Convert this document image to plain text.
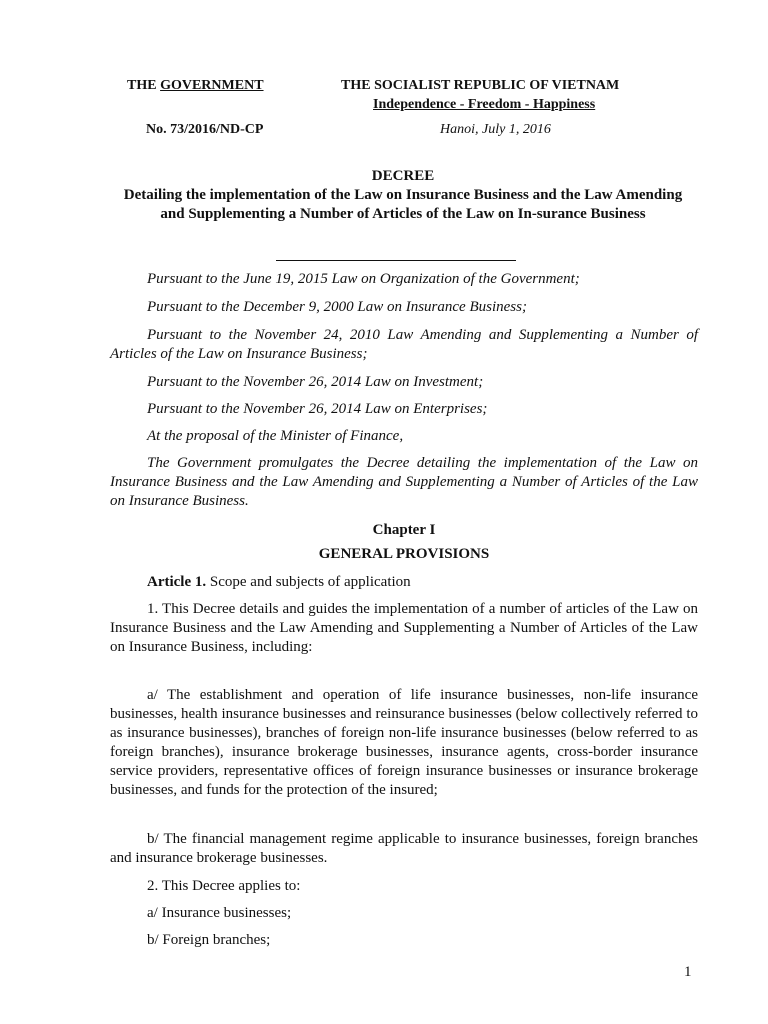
THE GOVERNMENT	THE SOCIALIST REPUBLIC OF VIETNAM
Independence - Freedom - Happiness
No. 73/2016/ND-CP	Hanoi, July 1, 2016
DECREE
Detailing the implementation of the Law on Insurance Business and the Law Amending and Supplementing a Number of Articles of the Law on In-surance Business
Pursuant to the June 19, 2015 Law on Organization of the Government;
Pursuant to the December 9, 2000 Law on Insurance Business;
Pursuant to the November 24, 2010 Law Amending and Supplementing a Number of Articles of the Law on Insurance Business;
Pursuant to the November 26, 2014 Law on Investment;
Pursuant to the November 26, 2014 Law on Enterprises;
At the proposal of the Minister of Finance,
The Government promulgates the Decree detailing the implementation of the Law on Insurance Business and the Law Amending and Supplementing a Number of Articles of the Law on Insurance Business.
Chapter I
GENERAL PROVISIONS
Article 1. Scope and subjects of application
1. This Decree details and guides the implementation of a number of articles of the Law on Insurance Business and the Law Amending and Supplementing a Number of Articles of the Law on Insurance Business, including:
a/ The establishment and operation of life insurance businesses, non-life insurance businesses, health insurance businesses and reinsurance businesses (below collectively referred to as insurance businesses), branches of foreign non-life insurance businesses (below referred to as foreign branches), insurance brokerage businesses, insurance agents, cross-border insurance service providers, representative offices of foreign insurance businesses or insurance brokerage businesses, and funds for the protection of the insured;
b/ The financial management regime applicable to insurance businesses, foreign branches and insurance brokerage businesses.
2. This Decree applies to:
a/ Insurance businesses;
b/ Foreign branches;
1
